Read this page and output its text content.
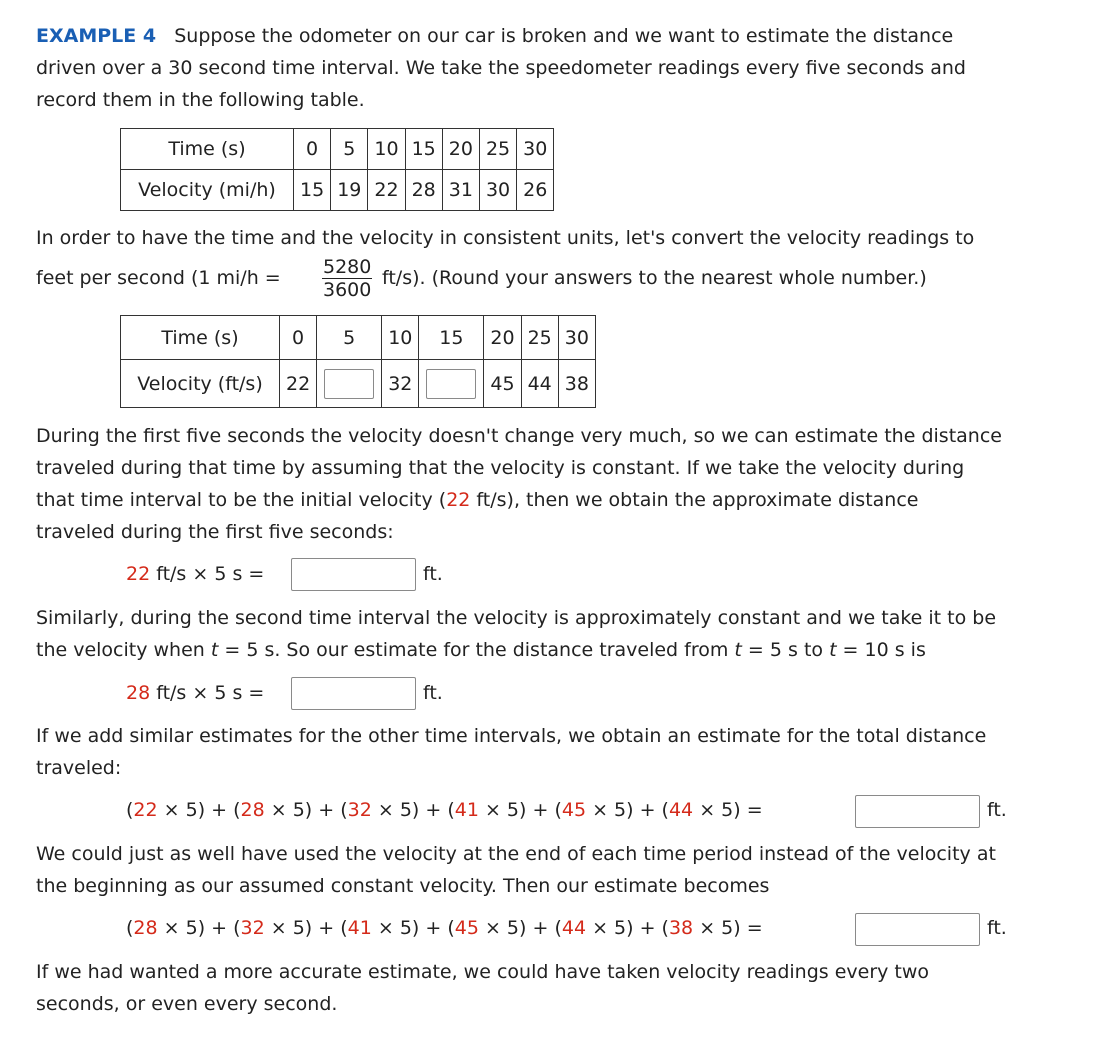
EXAMPLE 4 Suppose the odometer on our car is broken and we want to estimate the distance
driven over a 30 second time interval. We take the speedometer readings every five seconds and
record them in the following table.
Time (s)	0	5	10	15	20	25	30
Velocity (mi/h)	15	19	22	28	31	30	26
In order to have the time and the velocity in consistent units, let's convert the velocity readings to
feet per second (1 $mi/h = \frac{5280}{3600} ft/s$). (Round your answers to the nearest whole number.)
Time (s)	0	5	10	15	20	25	30
Velocity (ft/s)	22		32		45	44	38
During the first five seconds the velocity doesn't change very much, so we can estimate the distance
traveled during that time by assuming that the velocity is constant. If we take the velocity during
that time interval to be the initial velocity (22 ft/s), then we obtain the approximate distance
traveled during the first five seconds:
22 ft/s × 5 s =	ft.
Similarly, during the second time interval the velocity is approximately constant and we take it to be
the velocity when t = 5 s. So our estimate for the distance traveled from t = 5 s to t = 10 s is
28 ft/s × 5 s =	ft.
If we add similar estimates for the other time intervals, we obtain an estimate for the total distance
traveled:
(22 × 5) + (28 × 5) + (32 × 5) + (41 × 5) + (45 × 5) + (44 × 5) =	ft.
We could just as well have used the velocity at the end of each time period instead of the velocity at
the beginning as our assumed constant velocity. Then our estimate becomes
(28 × 5) + (32 × 5) + (41 × 5) + (45 × 5) + (44 × 5) + (38 × 5) =	ft.
If we had wanted a more accurate estimate, we could have taken velocity readings every two
seconds, or even every second.
